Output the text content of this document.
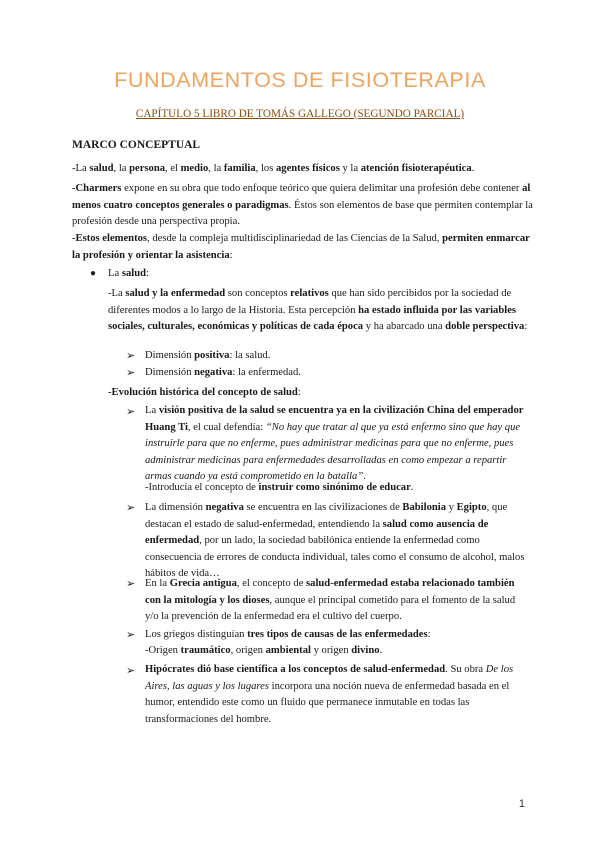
FUNDAMENTOS DE FISIOTERAPIA
CAPÍTULO 5 LIBRO DE TOMÁS GALLEGO (SEGUNDO PARCIAL)
MARCO CONCEPTUAL

-La salud, la persona, el medio, la familia, los agentes físicos y la atención fisioterapéutica.

-Charmers expone en su obra que todo enfoque teórico que quiera delimitar una profesión debe contener al menos cuatro conceptos generales o paradigmas. Éstos son elementos de base que permiten contemplar la profesión desde una perspectiva propia.

-Estos elementos, desde la compleja multidisciplinariedad de las Ciencias de la Salud, permiten enmarcar la profesión y orientar la asistencia:

● La salud:

-La salud y la enfermedad son conceptos relativos que han sido percibidos por la sociedad de diferentes modos a lo largo de la Historia. Esta percepción ha estado influida por las variables sociales, culturales, económicas y políticas de cada época y ha abarcado una doble perspectiva:

➢ Dimensión positiva: la salud.

➢ Dimensión negativa: la enfermedad.

-Evolución histórica del concepto de salud:

➢ La visión positiva de la salud se encuentra ya en la civilización China del emperador Huang Ti, el cual defendía: “No hay que tratar al que ya está enfermo sino que hay que instruirle para que no enferme, pues administrar medicinas para que no enferme, pues administrar medicinas para enfermedades desarrolladas en como empezar a repartir armas cuando ya está comprometido en la batalla”.

-Introducía el concepto de instruir como sinónimo de educar.

➢ La dimensión negativa se encuentra en las civilizaciones de Babilonia y Egipto, que destacan el estado de salud-enfermedad, entendiendo la salud como ausencia de enfermedad, por un lado, la sociedad babilónica entiende la enfermedad como consecuencia de errores de conducta individual, tales como el consumo de alcohol, malos hábitos de vida…

➢ En la Grecia antigua, el concepto de salud-enfermedad estaba relacionado también con la mitología y los dioses, aunque el principal cometido para el fomento de la salud y/o la prevención de la enfermedad era el cultivo del cuerpo.

➢ Los griegos distinguían tres tipos de causas de las enfermedades:

-Origen traumático, origen ambiental y origen divino.

➢ Hipócrates dió base científica a los conceptos de salud-enfermedad. Su obra De los Aires, las aguas y los lugares incorpora una noción nueva de enfermedad basada en el humor, entendido este como un fluido que permanece inmutable en todas las transformaciones del hombre.

1
